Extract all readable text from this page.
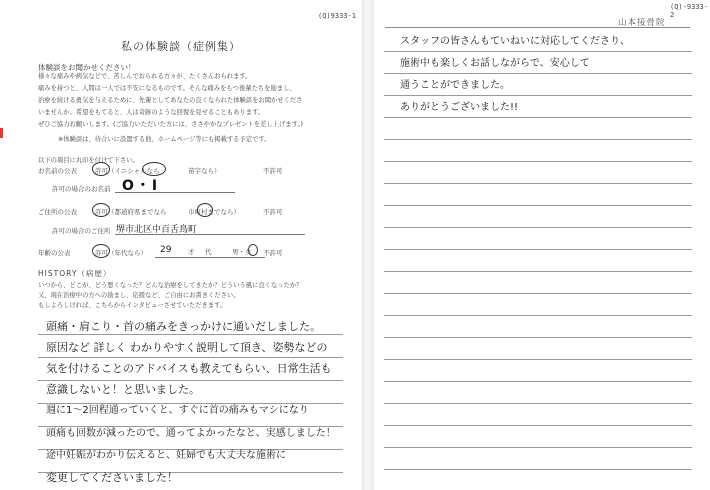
(Q)9333-1
(Q)-9333-2
山本接骨院
私の体験談（症例集）
体験談をお聞かせください！
様々な痛みや病気などで、苦しんでおられる方々が、たくさんおられます。
痛みを持つと、人間は一人では不安になるものです。そんな痛みをもつ後輩たちを励まし、
治療を続ける勇気を与えるために、先輩としてあなたの良くなられた体験談をお聞かせくださ
いませんか。希望をもてると、人は奇跡のような回復を見せることもあります。
ぜひご協力お願いします。(ご協力いただいた方には、ささやかなプレゼントを差し上げます。)
※体験談は、待合いに設置する他、ホームページ等にも掲載する予定です。
以下の項目に丸印を付けて下さい。
お名前の公表	許可（イニシャルなら	苗字なら）	不許可
許可の場合のお名前 O・I
ご住所の公表	許可（都道府県までなら	市町村までなら）	不許可
許可の場合のご住所 堺市北区中百舌鳥町
年齢の公表	許可（年代なら） 29	才 代	男・女 不許可
HISTORY（病歴）
いつから、どこが、どう悪くなった？どんな治療をしてきたか？どういう風に良くなったか？
又、現在治療中の方への励まし、応援など、ご自由にお書きください。
もしよろしければ、こちらからインタビューさせていただきます。
頭痛・肩こり・首の痛みをきっかけに通いだしました。
原因など 詳しく わかりやすく説明して頂き、姿勢などの
気を付けることのアドバイスも教えてもらい、日常生活も
意識しないと！と思いました。
週に1～2回程通っていくと、すぐに首の痛みもマシになり
頭痛も回数が減ったので、通ってよかったなと、実感しました！
途中妊娠がわかり伝えると、妊婦でも大丈夫な施術に
変更してくださいました！
スタッフの皆さんもていねいに対応してくださり、
施術中も楽しくお話しながらで、安心して
通うことができました。
ありがとうございました!!
